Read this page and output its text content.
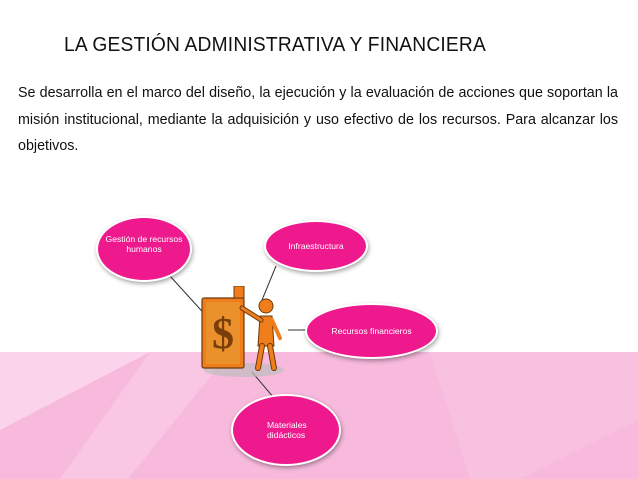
LA GESTIÓN ADMINISTRATIVA Y FINANCIERA

Se desarrolla en el marco del diseño, la ejecución y la evaluación de acciones que soportan la misión institucional, mediante la adquisición y uso efectivo de los recursos. Para alcanzar los objetivos.

$
Gestión de recursos humanos	Infraestructura
Recursos financieros
Materiales didácticos
